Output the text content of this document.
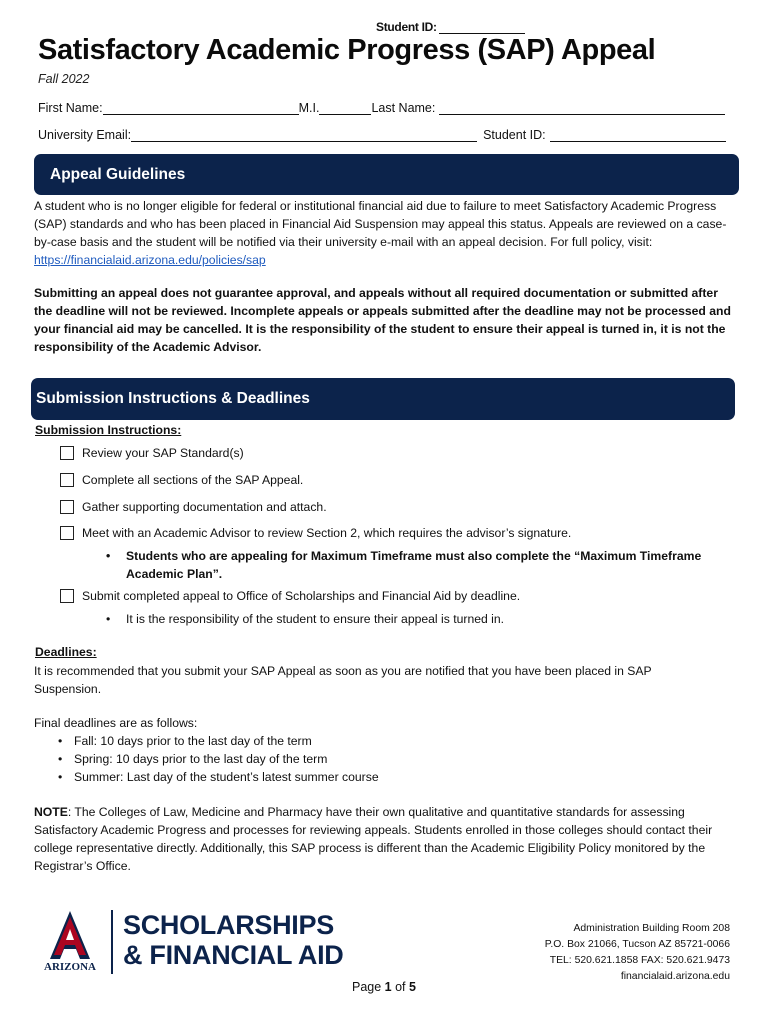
Student ID:
Satisfactory Academic Progress (SAP) Appeal
Fall 2022
First Name:	M.I.	Last Name:
University Email:	Student ID:
Appeal Guidelines
A student who is no longer eligible for federal or institutional financial aid due to failure to meet Satisfactory Academic Progress (SAP) standards and who has been placed in Financial Aid Suspension may appeal this status. Appeals are reviewed on a case-by-case basis and the student will be notified via their university e-mail with an appeal decision. For full policy, visit: https://financialaid.arizona.edu/policies/sap
Submitting an appeal does not guarantee approval, and appeals without all required documentation or submitted after the deadline will not be reviewed. Incomplete appeals or appeals submitted after the deadline may not be processed and your financial aid may be cancelled. It is the responsibility of the student to ensure their appeal is turned in, it is not the responsibility of the Academic Advisor.
Submission Instructions & Deadlines
Submission Instructions:
Review your SAP Standard(s)
Complete all sections of the SAP Appeal.
Gather supporting documentation and attach.
Meet with an Academic Advisor to review Section 2, which requires the advisor’s signature.
•	Students who are appealing for Maximum Timeframe must also complete the “Maximum Timeframe Academic Plan”.
Submit completed appeal to Office of Scholarships and Financial Aid by deadline.
•	It is the responsibility of the student to ensure their appeal is turned in.
Deadlines:
It is recommended that you submit your SAP Appeal as soon as you are notified that you have been placed in SAP Suspension.
Final deadlines are as follows:
• Fall: 10 days prior to the last day of the term
• Spring: 10 days prior to the last day of the term
• Summer: Last day of the student’s latest summer course
NOTE: The Colleges of Law, Medicine and Pharmacy have their own qualitative and quantitative standards for assessing Satisfactory Academic Progress and processes for reviewing appeals. Students enrolled in those colleges should contact their college representative directly. Additionally, this SAP process is different than the Academic Eligibility Policy monitored by the Registrar’s Office.
ARIZONA
SCHOLARSHIPS
& FINANCIAL AID
Administration Building Room 208
P.O. Box 21066, Tucson AZ 85721-0066
TEL: 520.621.1858 FAX: 520.621.9473
financialaid.arizona.edu
Page 1 of 5
